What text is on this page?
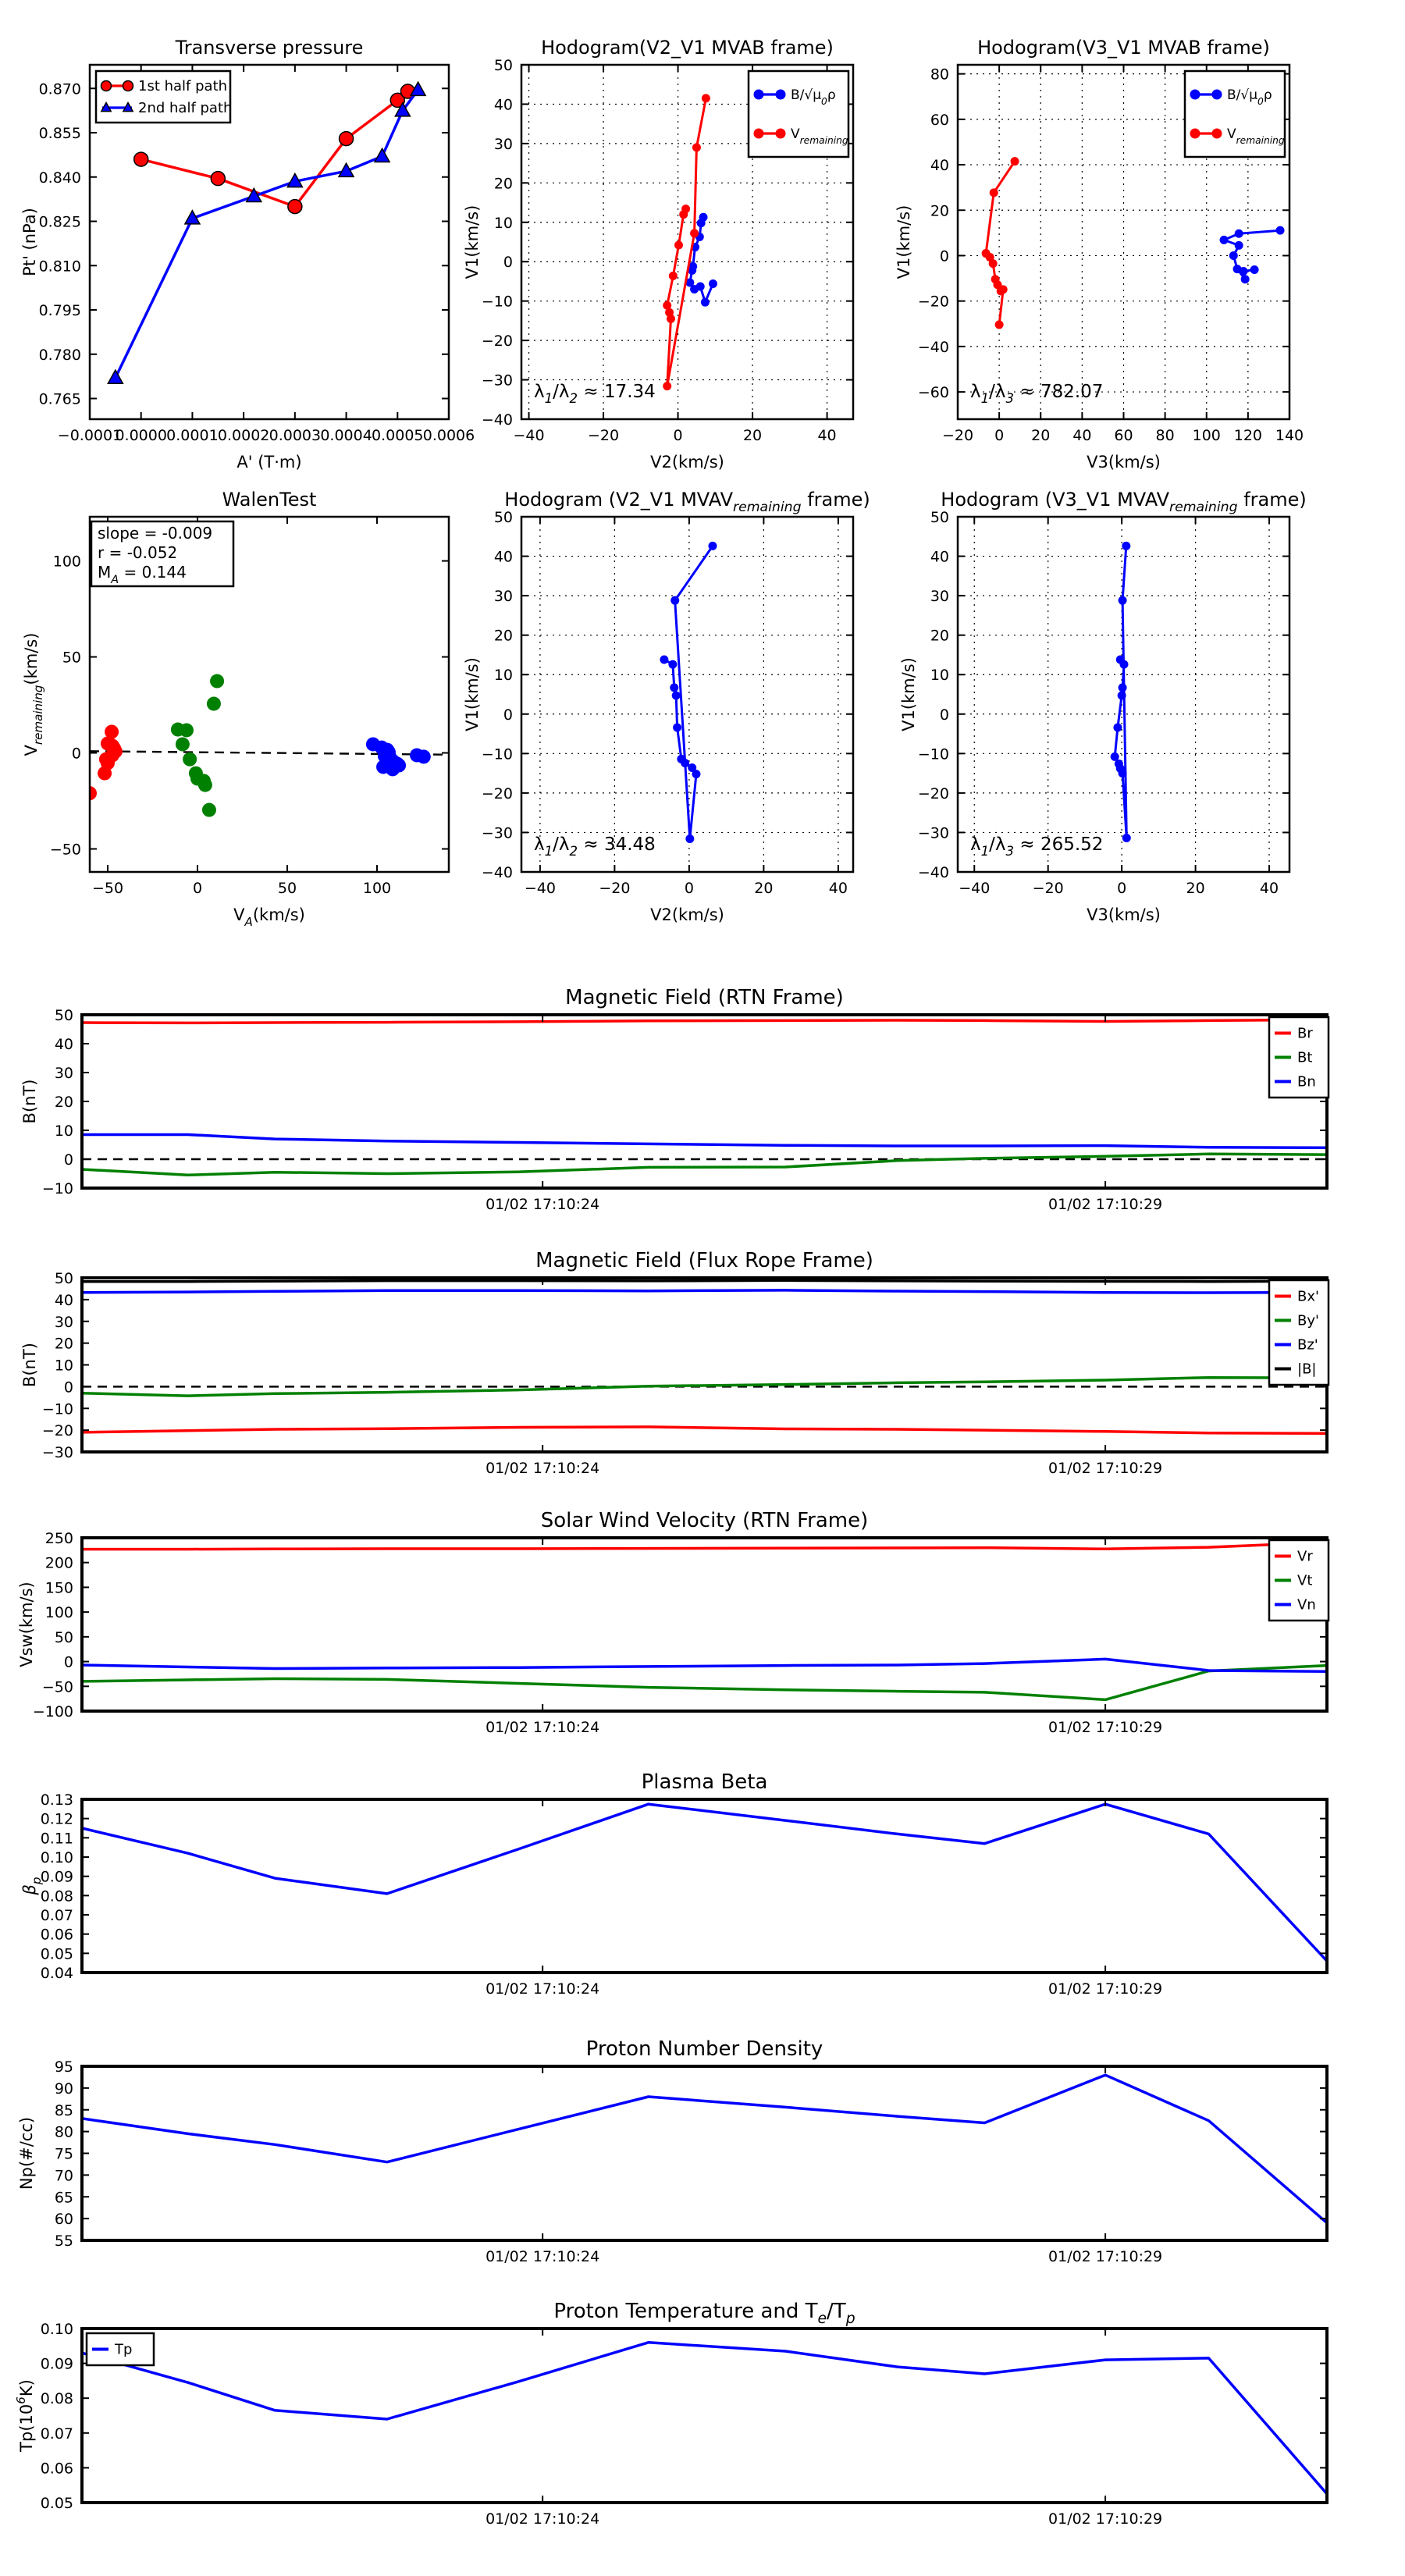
−0.0001
0.0000 0.0001 0.0002 0.0003 0.0004 0.0005 0.0006
0.765
0.780
0.795
0.810
0.825
0.840
0.855
0.870
Transverse pressure
A' (T·m)
Pt' (nPa)
1st half path
2nd half path
−40	−20	0	20	40
−40
−30
−20
−10
0
10
20
30
40
50
Hodogram(V2_V1 MVAB frame)
V2(km/s)
V1(km/s)
$\lambda_1/\lambda_2 \approx 17.34$
$B/√\mu_0\rho$
$V_{remaining}$
−20 0 20 40 60 80 100 120 140
−60
−40
−20
0
20
40
60
80
Hodogram(V3_V1 MVAB frame)
V3(km/s)
V1(km/s)
$\lambda_1/\lambda_3 \approx 782.07$
$B/√\mu_0\rho$
$V_{remaining}$
−50	0	50	100
−50
0
50
100
WalenTest
$V_A(km/s)$
$V_{remaining}(km/s)$
slope = -0.009
r = -0.052
$M_A = 0.144$
−40	−20	0	20	40
−40
−30
−20
−10
0
10
20
30
40
50
Hodogram (V2_V1 $MVAV_{remaining}$ frame)
V2(km/s)
V1(km/s)
$\lambda_1/\lambda_2 \approx 34.48$
−40	−20	0	20	40
−40
−30
−20
−10
0
10
20
30
40
50
Hodogram (V3_V1 $MVAV_{remaining}$ frame)
V3(km/s)
V1(km/s)
$\lambda_1/\lambda_3 \approx 265.52$
01/02 17:10:24	01/02 17:10:29
−10
0
10
20
30
40
50
Magnetic Field (RTN Frame)
B(nT)
Br
Bt
Bn
01/02 17:10:24	01/02 17:10:29
−30
−20
−10
0
10
20
30
40
50
Magnetic Field (Flux Rope Frame)
B(nT)
Bx'
By'
Bz'
|B|
01/02 17:10:24	01/02 17:10:29
−100
−50
0
50
100
150
200
250
Solar Wind Velocity (RTN Frame)
Vsw(km/s)
Vr
Vt
Vn
01/02 17:10:24	01/02 17:10:29
0.04
0.05
0.06
0.07
0.08
0.09
0.10
0.11
0.12
0.13
Plasma Beta
$\beta_p$
01/02 17:10:24	01/02 17:10:29
55
60
65
70
75
80
85
90
95
Proton Number Density
Np(#/cc)
01/02 17:10:24	01/02 17:10:29
0.05
0.06
0.07
0.08
0.09
0.10
Proton Temperature and $T_e/T_p$
$Tp(10^6K)$
Tp
